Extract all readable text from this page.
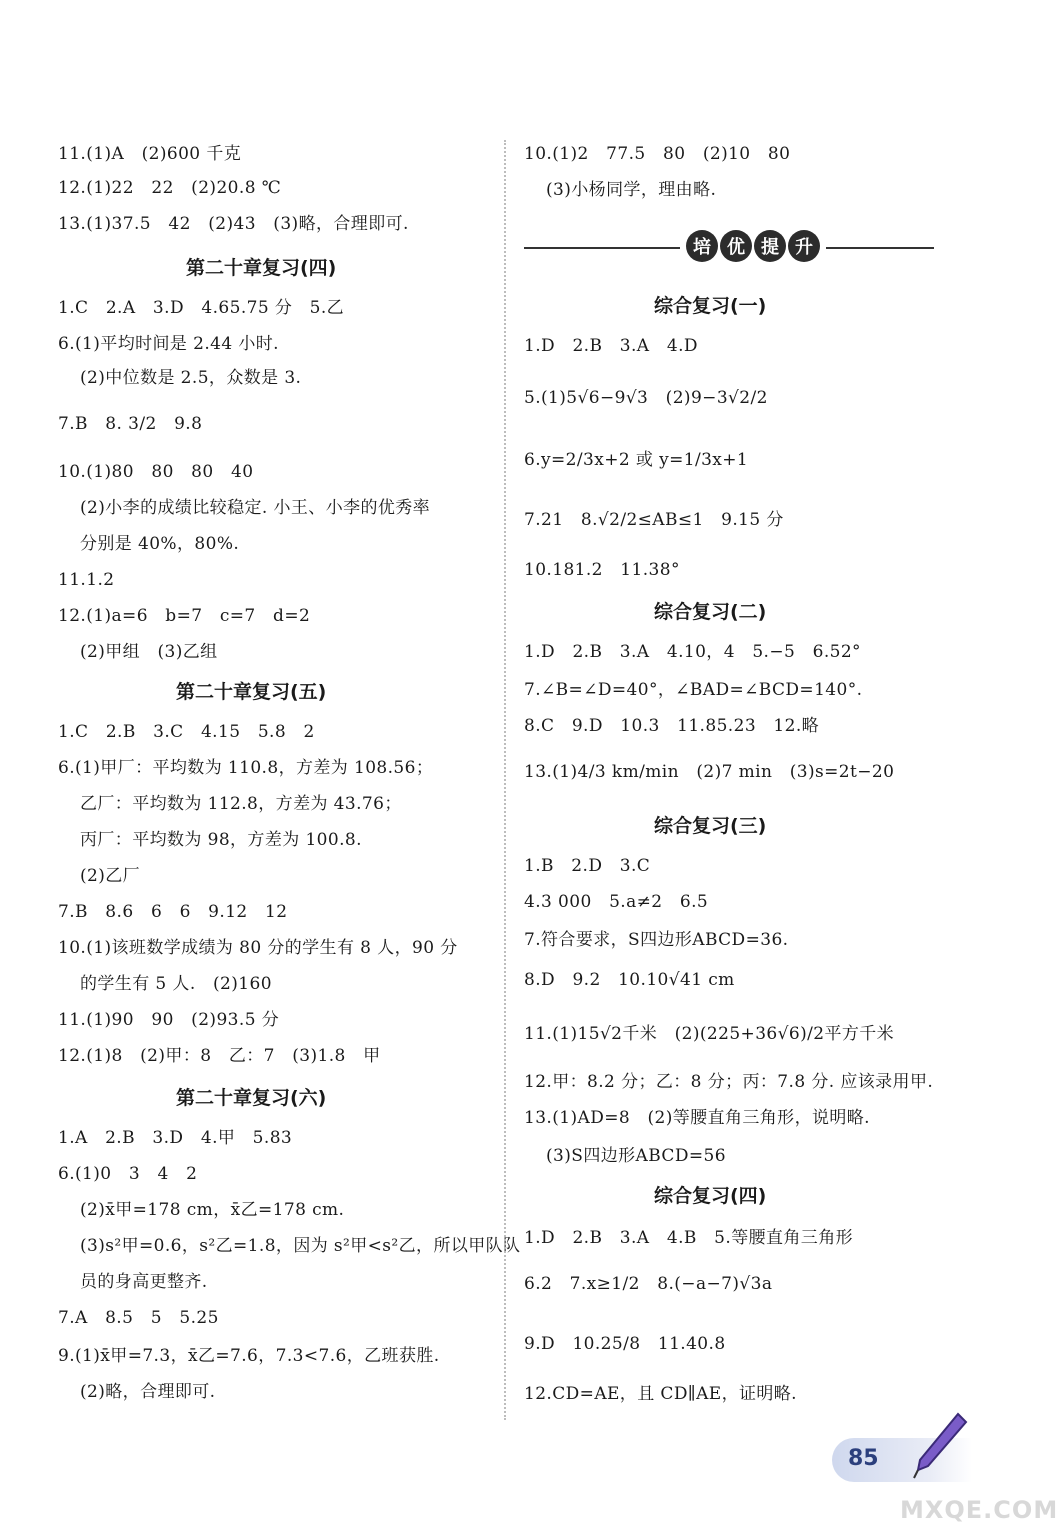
11.(1)A　(2)600 千克
12.(1)22　22　(2)20.8 ℃
13.(1)37.5　42　(2)43　(3)略，合理即可.
第二十章复习(四)
1.C　2.A　3.D　4.65.75 分　5.乙
6.(1)平均时间是 2.44 小时.
(2)中位数是 2.5，众数是 3.
7.B　8. 3/2　9.8
10.(1)80　80　80　40
(2)小李的成绩比较稳定. 小王、小李的优秀率
分别是 40%，80%.
11.1.2
12.(1)a=6　b=7　c=7　d=2
(2)甲组　(3)乙组
第二十章复习(五)
1.C　2.B　3.C　4.15　5.8　2
6.(1)甲厂：平均数为 110.8，方差为 108.56；
乙厂：平均数为 112.8，方差为 43.76；
丙厂：平均数为 98，方差为 100.8.
(2)乙厂
7.B　8.6　6　6　9.12　12
10.(1)该班数学成绩为 80 分的学生有 8 人，90 分
的学生有 5 人.　(2)160
11.(1)90　90　(2)93.5 分
12.(1)8　(2)甲：8　乙：7　(3)1.8　甲
第二十章复习(六)
1.A　2.B　3.D　4.甲　5.83
6.(1)0　3　4　2
(2)x̄甲=178 cm，x̄乙=178 cm.
(3)s²甲=0.6，s²乙=1.8，因为 s²甲<s²乙，所以甲队队
员的身高更整齐.
7.A　8.5　5　5.25
9.(1)x̄甲=7.3，x̄乙=7.6，7.3<7.6，乙班获胜.
(2)略，合理即可.
10.(1)2　77.5　80　(2)10　80
(3)小杨同学，理由略.
培 优 提 升
综合复习(一)
1.D　2.B　3.A　4.D
5.(1)5√6−9√3　(2)9−3√2/2
6.y=2/3x+2 或 y=1/3x+1
7.21　8.√2/2≤AB≤1　9.15 分
10.181.2　11.38°
综合复习(二)
1.D　2.B　3.A　4.10，4　5.−5　6.52°
7.∠B=∠D=40°，∠BAD=∠BCD=140°.
8.C　9.D　10.3　11.85.23　12.略
13.(1)4/3 km/min　(2)7 min　(3)s=2t−20
综合复习(三)
1.B　2.D　3.C
4.3 000　5.a≠2　6.5
7.符合要求，S四边形ABCD=36.
8.D　9.2　10.10√41 cm
11.(1)15√2千米　(2)(225+36√6)/2平方千米
12.甲：8.2 分；乙：8 分；丙：7.8 分. 应该录用甲.
13.(1)AD=8　(2)等腰直角三角形，说明略.
(3)S四边形ABCD=56
综合复习(四)
1.D　2.B　3.A　4.B　5.等腰直角三角形
6.2　7.x≥1/2　8.(−a−7)√3a
9.D　10.25/8　11.40.8
12.CD=AE，且 CD∥AE，证明略.
85
MXQE.COM
